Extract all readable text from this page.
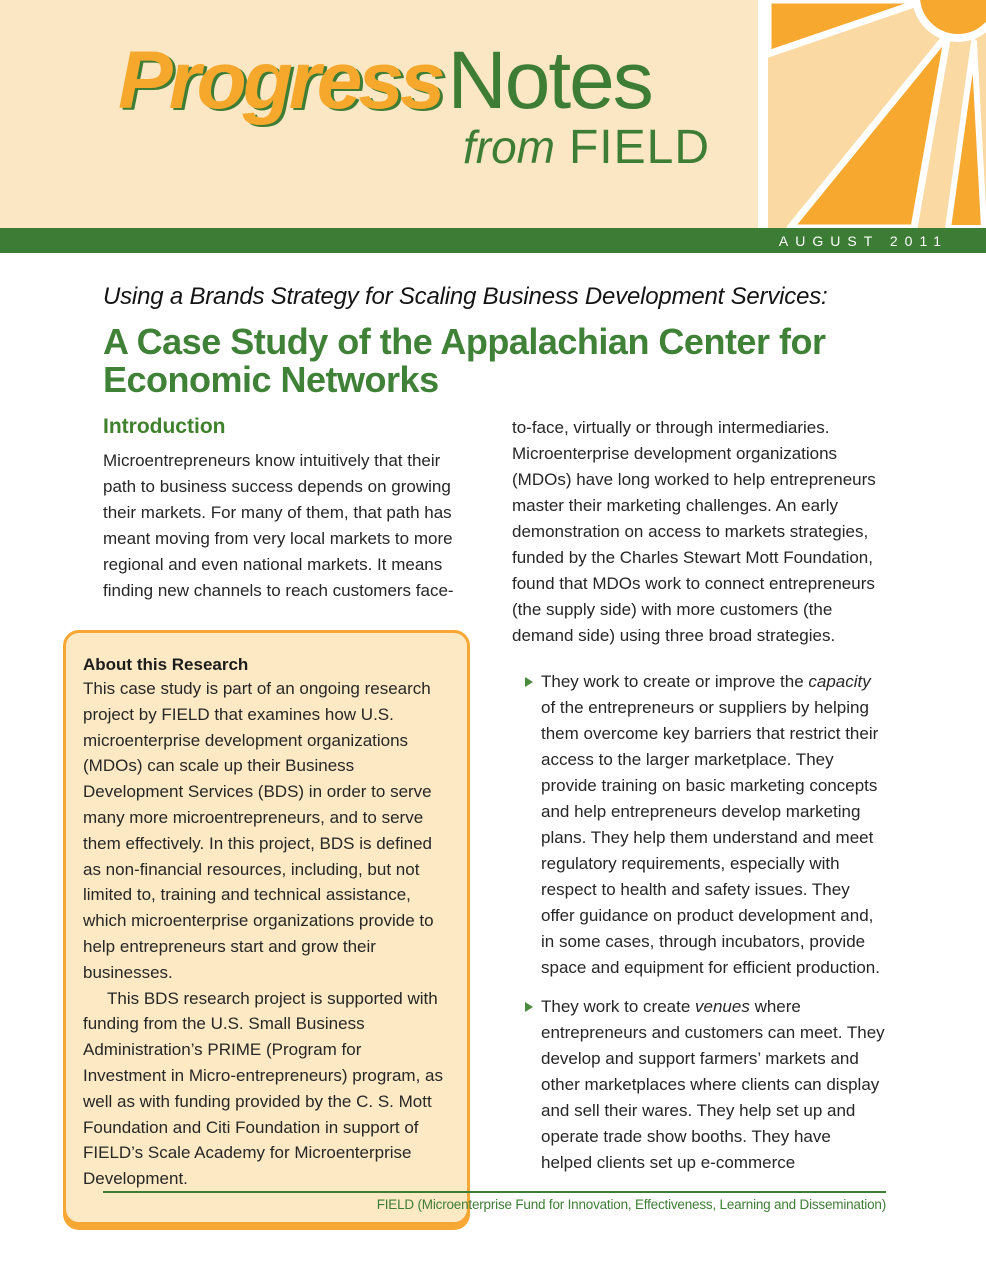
ProgressNotes
from FIELD
AUGUST 2011
Using a Brands Strategy for Scaling Business Development Services:
A Case Study of the Appalachian Center for Economic Networks
Introduction

Microentrepreneurs know intuitively that their path to business success depends on growing their markets. For many of them, that path has meant moving from very local markets to more regional and even national markets. It means finding new channels to reach customers face-

About this Research

This case study is part of an ongoing research project by FIELD that examines how U.S. microenterprise development organizations (MDOs) can scale up their Business Development Services (BDS) in order to serve many more microentrepreneurs, and to serve them effectively. In this project, BDS is defined as non-financial resources, including, but not limited to, training and technical assistance, which microenterprise organizations provide to help entrepreneurs start and grow their businesses.

This BDS research project is supported with funding from the U.S. Small Business Administration’s PRIME (Program for Investment in Micro-entrepreneurs) program, as well as with funding provided by the C. S. Mott Foundation and Citi Foundation in support of FIELD’s Scale Academy for Microenterprise Development.

to-face, virtually or through intermediaries. Microenterprise development organizations (MDOs) have long worked to help entrepreneurs master their marketing challenges. An early demonstration on access to markets strategies, funded by the Charles Stewart Mott Foundation, found that MDOs work to connect entrepreneurs (the supply side) with more customers (the demand side) using three broad strategies.

They work to create or improve the capacity of the entrepreneurs or suppliers by helping them overcome key barriers that restrict their access to the larger marketplace. They provide training on basic marketing concepts and help entrepreneurs develop marketing plans. They help them understand and meet regulatory requirements, especially with respect to health and safety issues. They offer guidance on product development and, in some cases, through incubators, provide space and equipment for efficient production.
They work to create venues where entrepreneurs and customers can meet. They develop and support farmers’ markets and other marketplaces where clients can display and sell their wares. They help set up and operate trade show booths. They have helped clients set up e-commerce

FIELD (Microenterprise Fund for Innovation, Effectiveness, Learning and Dissemination)
